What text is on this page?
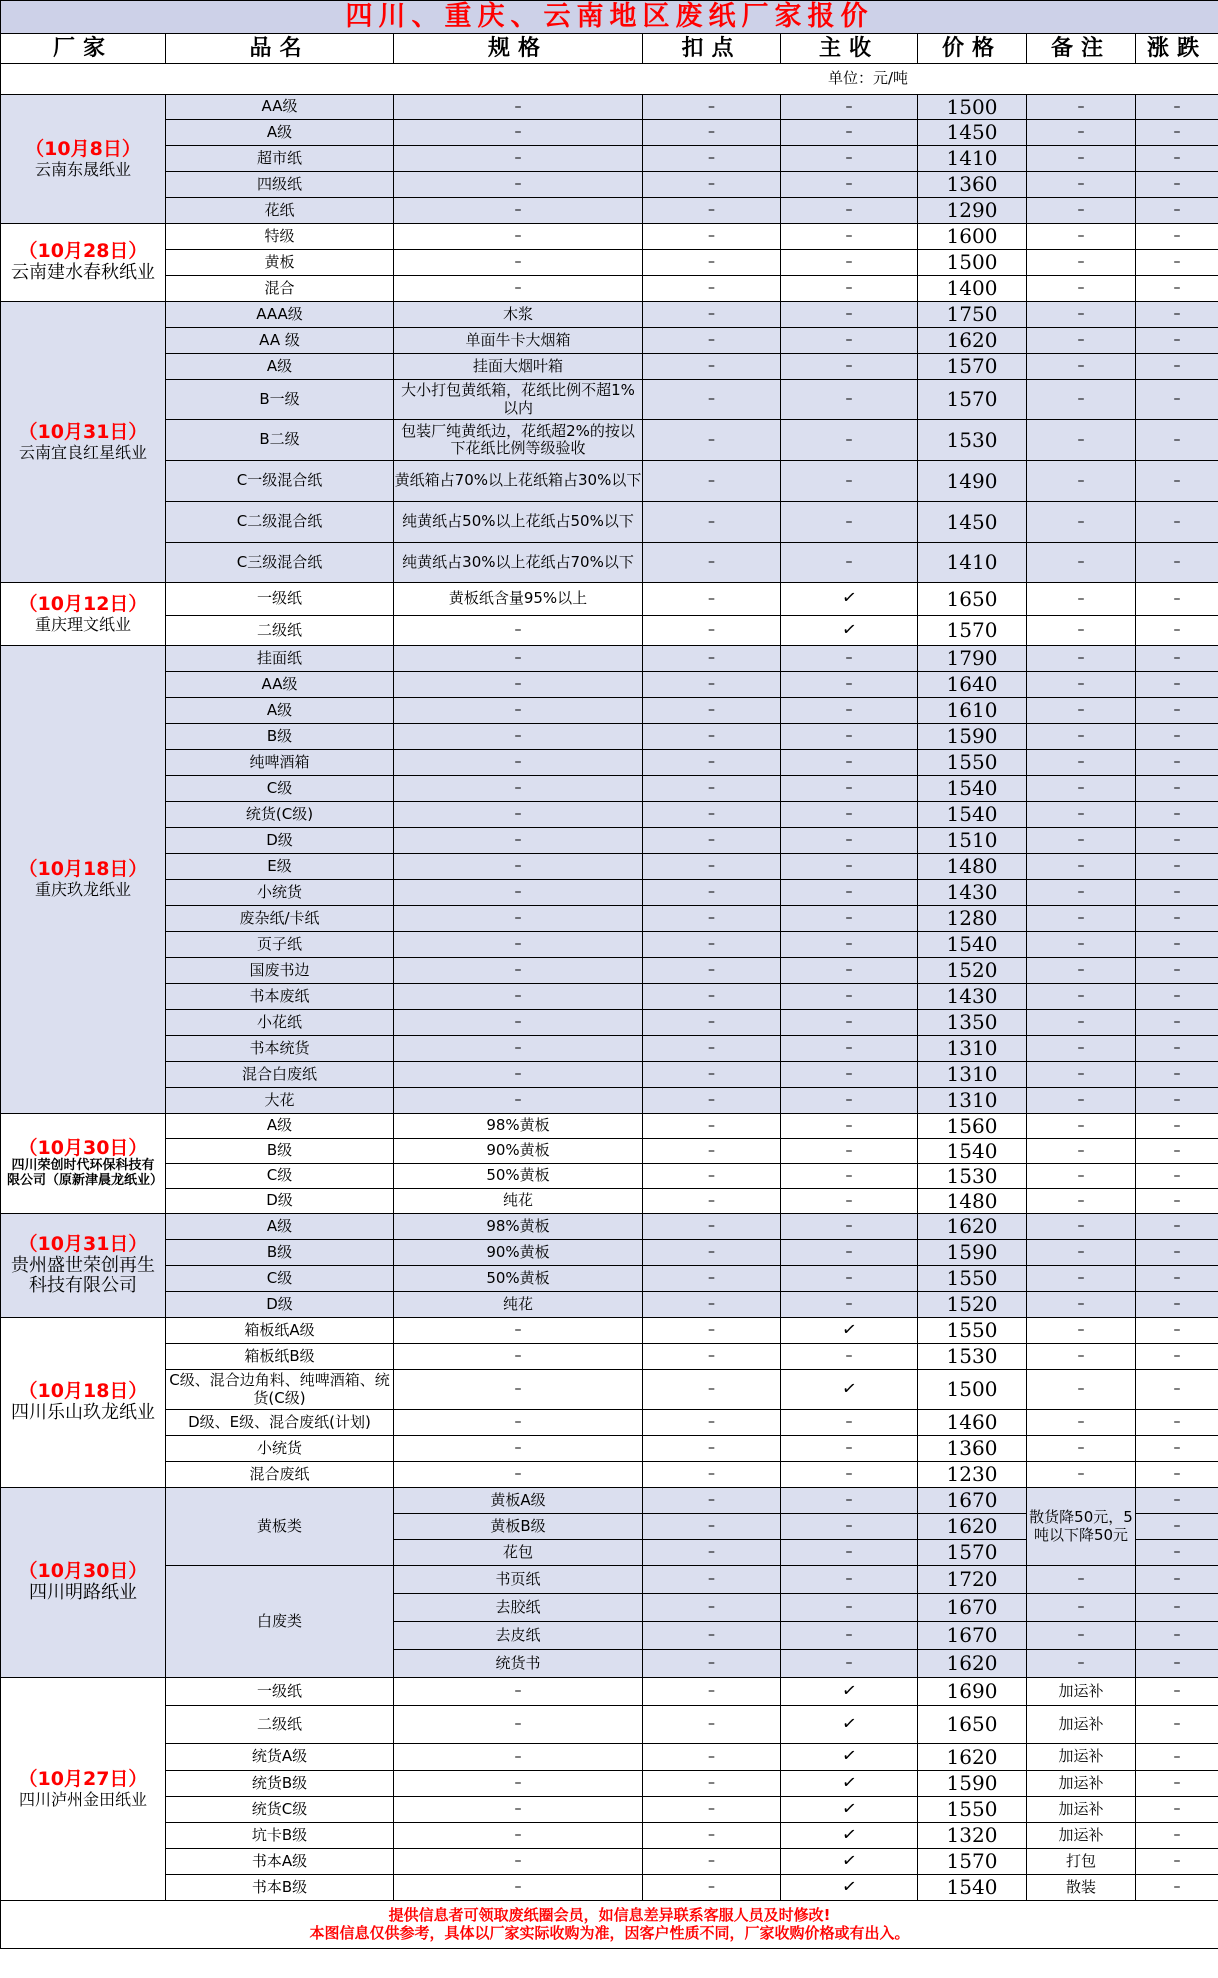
四川、重庆、云南地区废纸厂家报价							
厂家	品名	规格	扣点	主收	价格	备注	涨跌
单位：元/吨							

（10月8日）
云南东晟纸业	AA级	–	–	–	1500	–	–
	A级	–	–	–	1450	–	–
	超市纸	–	–	–	1410	–	–
	四级纸	–	–	–	1360	–	–
	花纸	–	–	–	1290	–	–

（10月28日）
云南建水春秋纸业	特级	–	–	–	1600	–	–
	黄板	–	–	–	1500	–	–
	混合	–	–	–	1400	–	–

（10月31日）
云南宜良红星纸业	AAA级	木浆	–	–	1750	–	–
	AA 级	单面牛卡大烟箱	–	–	1620	–	–
	A级	挂面大烟叶箱	–	–	1570	–	–
	B一级	大小打包黄纸箱，花纸比例不超1%以内	–	–	1570	–	–
	B二级	包装厂纯黄纸边，花纸超2%的按以下花纸比例等级验收	–	–	1530	–	–
	C一级混合纸	黄纸箱占70%以上花纸箱占30%以下	–	–	1490	–	–
	C二级混合纸	纯黄纸占50%以上花纸占50%以下	–	–	1450	–	–
	C三级混合纸	纯黄纸占30%以上花纸占70%以下	–	–	1410	–	–

（10月12日）
重庆理文纸业	一级纸	黄板纸含量95%以上	–	✓	1650	–	–
	二级纸	–	–	✓	1570	–	–

（10月18日）
重庆玖龙纸业	挂面纸	–	–	–	1790	–	–
	AA级	–	–	–	1640	–	–
	A级	–	–	–	1610	–	–
	B级	–	–	–	1590	–	–
	纯啤酒箱	–	–	–	1550	–	–
	C级	–	–	–	1540	–	–
	统货(C级)	–	–	–	1540	–	–
	D级	–	–	–	1510	–	–
	E级	–	–	–	1480	–	–
	小统货	–	–	–	1430	–	–
	废杂纸/卡纸	–	–	–	1280	–	–
	页子纸	–	–	–	1540	–	–
	国废书边	–	–	–	1520	–	–
	书本废纸	–	–	–	1430	–	–
	小花纸	–	–	–	1350	–	–
	书本统货	–	–	–	1310	–	–
	混合白废纸	–	–	–	1310	–	–
	大花	–	–	–	1310	–	–

（10月30日）
四川荣创时代环保科技有限公司（原新津晨龙纸业）	A级	98%黄板	–	–	1560	–	–
	B级	90%黄板	–	–	1540	–	–
	C级	50%黄板	–	–	1530	–	–
	D级	纯花	–	–	1480	–	–

（10月31日）
贵州盛世荣创再生科技有限公司	A级	98%黄板	–	–	1620	–	–
	B级	90%黄板	–	–	1590	–	–
	C级	50%黄板	–	–	1550	–	–
	D级	纯花	–	–	1520	–	–

（10月18日）
四川乐山玖龙纸业	箱板纸A级	–	–	✓	1550	–	–
	箱板纸B级	–	–	–	1530	–	–
	C级、混合边角料、纯啤酒箱、统货(C级)	–	–	✓	1500	–	–
	D级、E级、混合废纸(计划)	–	–	–	1460	–	–
	小统货	–	–	–	1360	–	–
	混合废纸	–	–	–	1230	–	–

（10月30日）
四川明路纸业	黄板类	黄板A级	–	–	1670	散货降50元，5吨以下降50元	–
		黄板B级	–	–	1620		–
		花包	–	–	1570		–
	白废类	书页纸	–	–	1720	–	–
		去胶纸	–	–	1670	–	–
		去皮纸	–	–	1670	–	–
		统货书	–	–	1620	–	–

（10月27日）
四川泸州金田纸业	一级纸	–	–	✓	1690	加运补	–
	二级纸	–	–	✓	1650	加运补	–
	统货A级	–	–	✓	1620	加运补	–
	统货B级	–	–	✓	1590	加运补	–
	统货C级	–	–	✓	1550	加运补	–
	坑卡B级	–	–	✓	1320	加运补	–
	书本A级	–	–	✓	1570	打包	–
	书本B级	–	–	✓	1540	散装	–

提供信息者可领取废纸圈会员，如信息差异联系客服人员及时修改!
本图信息仅供参考，具体以厂家实际收购为准，因客户性质不同，厂家收购价格或有出入。							
